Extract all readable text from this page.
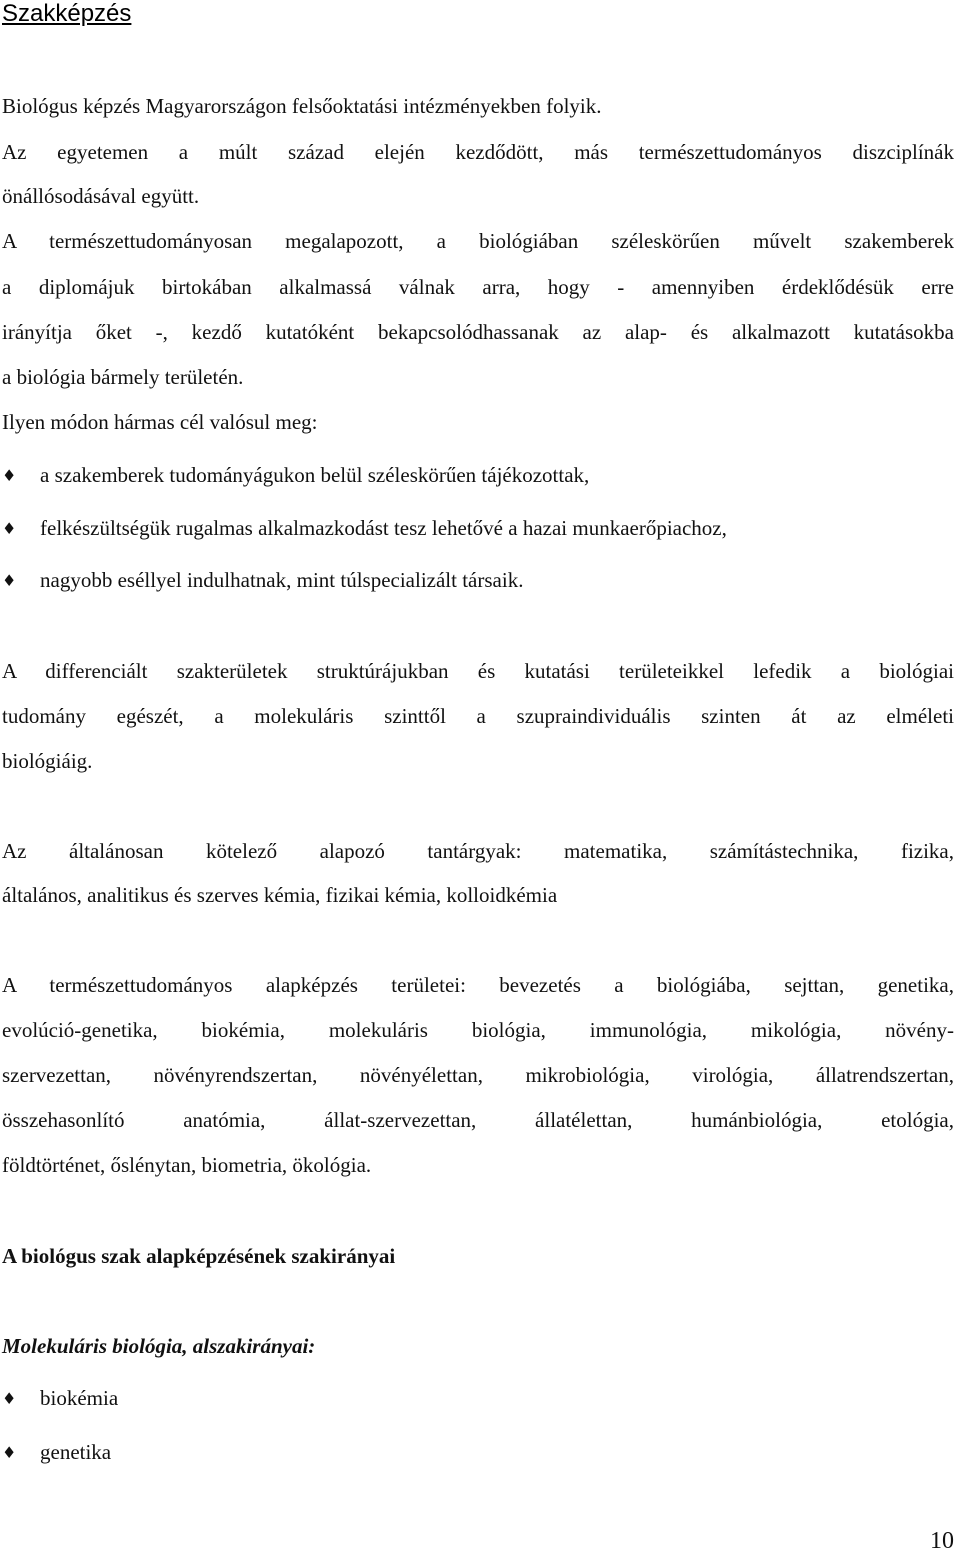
Szakképzés
Biológus képzés Magyarországon felsőoktatási intézményekben folyik.
Az egyetemen a múlt század elején kezdődött, más természettudományos diszciplínák
önállósodásával együtt.
A természettudományosan megalapozott, a biológiában széleskörűen művelt szakemberek
a diplomájuk birtokában alkalmassá válnak arra, hogy - amennyiben érdeklődésük erre
irányítja őket -, kezdő kutatóként bekapcsolódhassanak az alap- és alkalmazott kutatásokba
a biológia bármely területén.
Ilyen módon hármas cél valósul meg:
♦ a szakemberek tudományágukon belül széleskörűen tájékozottak,
♦ felkészültségük rugalmas alkalmazkodást tesz lehetővé a hazai munkaerőpiachoz,
♦ nagyobb eséllyel indulhatnak, mint túlspecializált társaik.
A differenciált szakterületek struktúrájukban és kutatási területeikkel lefedik a biológiai
tudomány egészét, a molekuláris szinttől a szupraindividuális szinten át az elméleti
biológiáig.
Az általánosan kötelező alapozó tantárgyak: matematika, számítástechnika, fizika,
általános, analitikus és szerves kémia, fizikai kémia, kolloidkémia
A természettudományos alapképzés területei: bevezetés a biológiába, sejttan, genetika,
evolúció-genetika, biokémia, molekuláris biológia, immunológia, mikológia, növény-
szervezettan, növényrendszertan, növényélettan, mikrobiológia, virológia, állatrendszertan,
összehasonlító anatómia, állat-szervezettan, állatélettan, humánbiológia, etológia,
földtörténet, őslénytan, biometria, ökológia.
A biológus szak alapképzésének szakirányai
Molekuláris biológia, alszakirányai:
♦ biokémia
♦ genetika
10
